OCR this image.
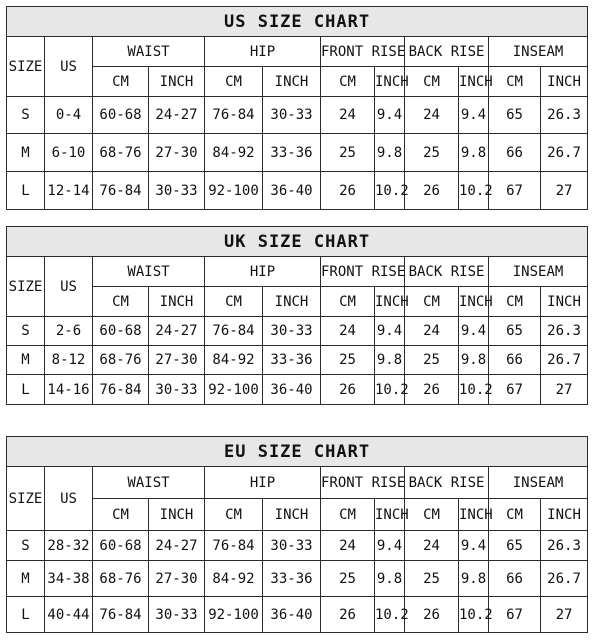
US SIZE CHART											
SIZE	US	WAIST		HIP		FRONT RISE		BACK RISE		INSEAM	
		CM	INCH	CM	INCH	CM	INCH	CM	INCH	CM	INCH
S	0-4	60-68	24-27	76-84	30-33	24	9.4	24	9.4	65	26.3
M	6-10	68-76	27-30	84-92	33-36	25	9.8	25	9.8	66	26.7
L	12-14	76-84	30-33	92-100	36-40	26	10.2	26	10.2	67	27
UK SIZE CHART											
SIZE	US	WAIST		HIP		FRONT RISE		BACK RISE		INSEAM	
		CM	INCH	CM	INCH	CM	INCH	CM	INCH	CM	INCH
S	2-6	60-68	24-27	76-84	30-33	24	9.4	24	9.4	65	26.3
M	8-12	68-76	27-30	84-92	33-36	25	9.8	25	9.8	66	26.7
L	14-16	76-84	30-33	92-100	36-40	26	10.2	26	10.2	67	27
EU SIZE CHART											
SIZE	US	WAIST		HIP		FRONT RISE		BACK RISE		INSEAM	
		CM	INCH	CM	INCH	CM	INCH	CM	INCH	CM	INCH
S	28-32	60-68	24-27	76-84	30-33	24	9.4	24	9.4	65	26.3
M	34-38	68-76	27-30	84-92	33-36	25	9.8	25	9.8	66	26.7
L	40-44	76-84	30-33	92-100	36-40	26	10.2	26	10.2	67	27
